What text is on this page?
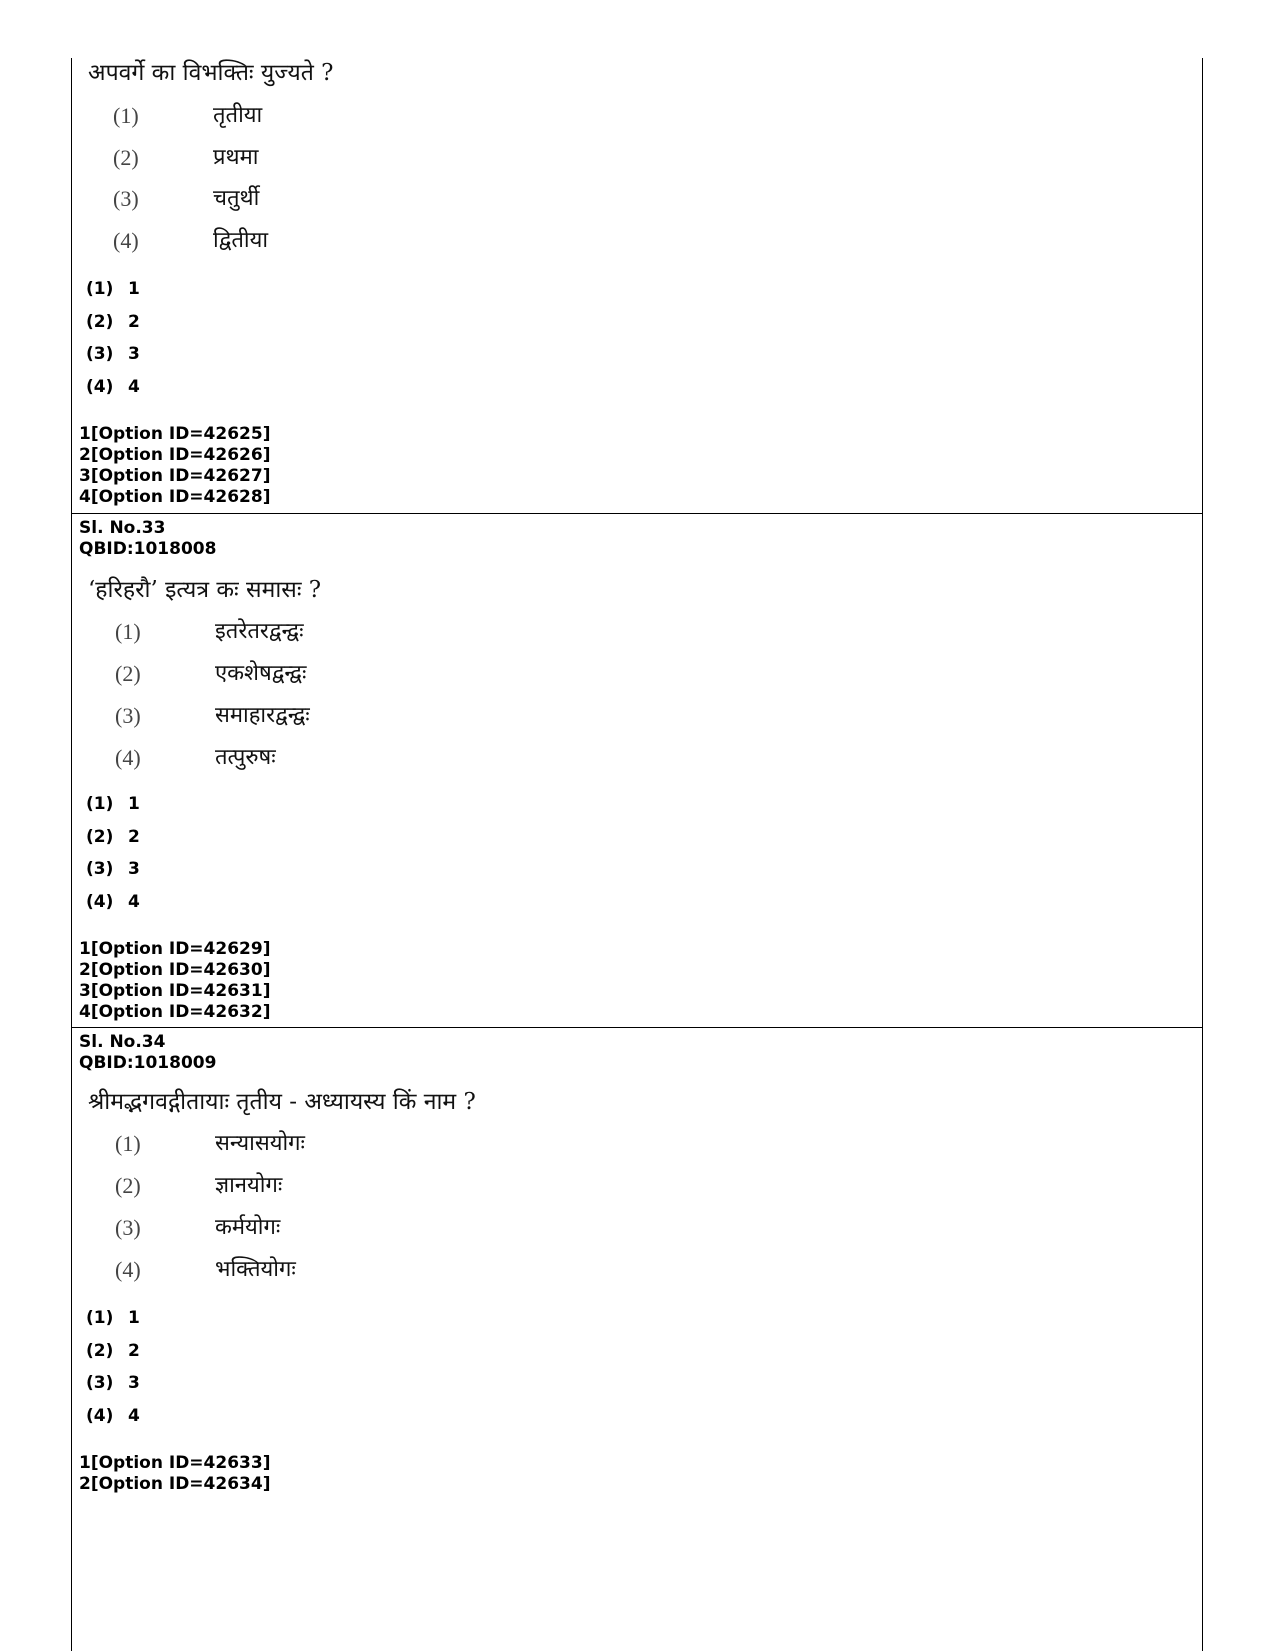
अपवर्गे का विभक्तिः युज्यते ?
(1)	तृतीया
(2)	प्रथमा
(3)	चतुर्थी
(4)	द्वितीया
(1) 1
(2) 2
(3) 3
(4) 4
1[Option ID=42625]
2[Option ID=42626]
3[Option ID=42627]
4[Option ID=42628]
Sl. No.33
QBID:1018008
‘हरिहरौ’ इत्यत्र कः समासः ?
(1)	इतरेतरद्वन्द्वः
(2)	एकशेषद्वन्द्वः
(3)	समाहारद्वन्द्वः
(4)	तत्पुरुषः
(1) 1
(2) 2
(3) 3
(4) 4
1[Option ID=42629]
2[Option ID=42630]
3[Option ID=42631]
4[Option ID=42632]
Sl. No.34
QBID:1018009
श्रीमद्भगवद्गीतायाः तृतीय - अध्यायस्य किं नाम ?
(1)	सन्यासयोगः
(2)	ज्ञानयोगः
(3)	कर्मयोगः
(4)	भक्तियोगः
(1) 1
(2) 2
(3) 3
(4) 4
1[Option ID=42633]
2[Option ID=42634]
